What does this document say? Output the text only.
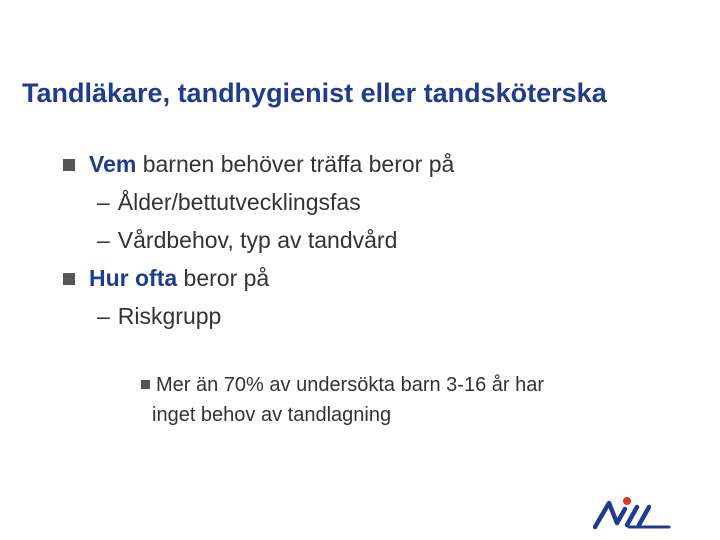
Tandläkare, tandhygienist eller tandsköterska
Vem barnen behöver träffa beror på
– Ålder/bettutvecklingsfas
– Vårdbehov, typ av tandvård
Hur ofta beror på
– Riskgrupp
Mer än 70% av undersökta barn 3-16 år har
inget behov av tandlagning
